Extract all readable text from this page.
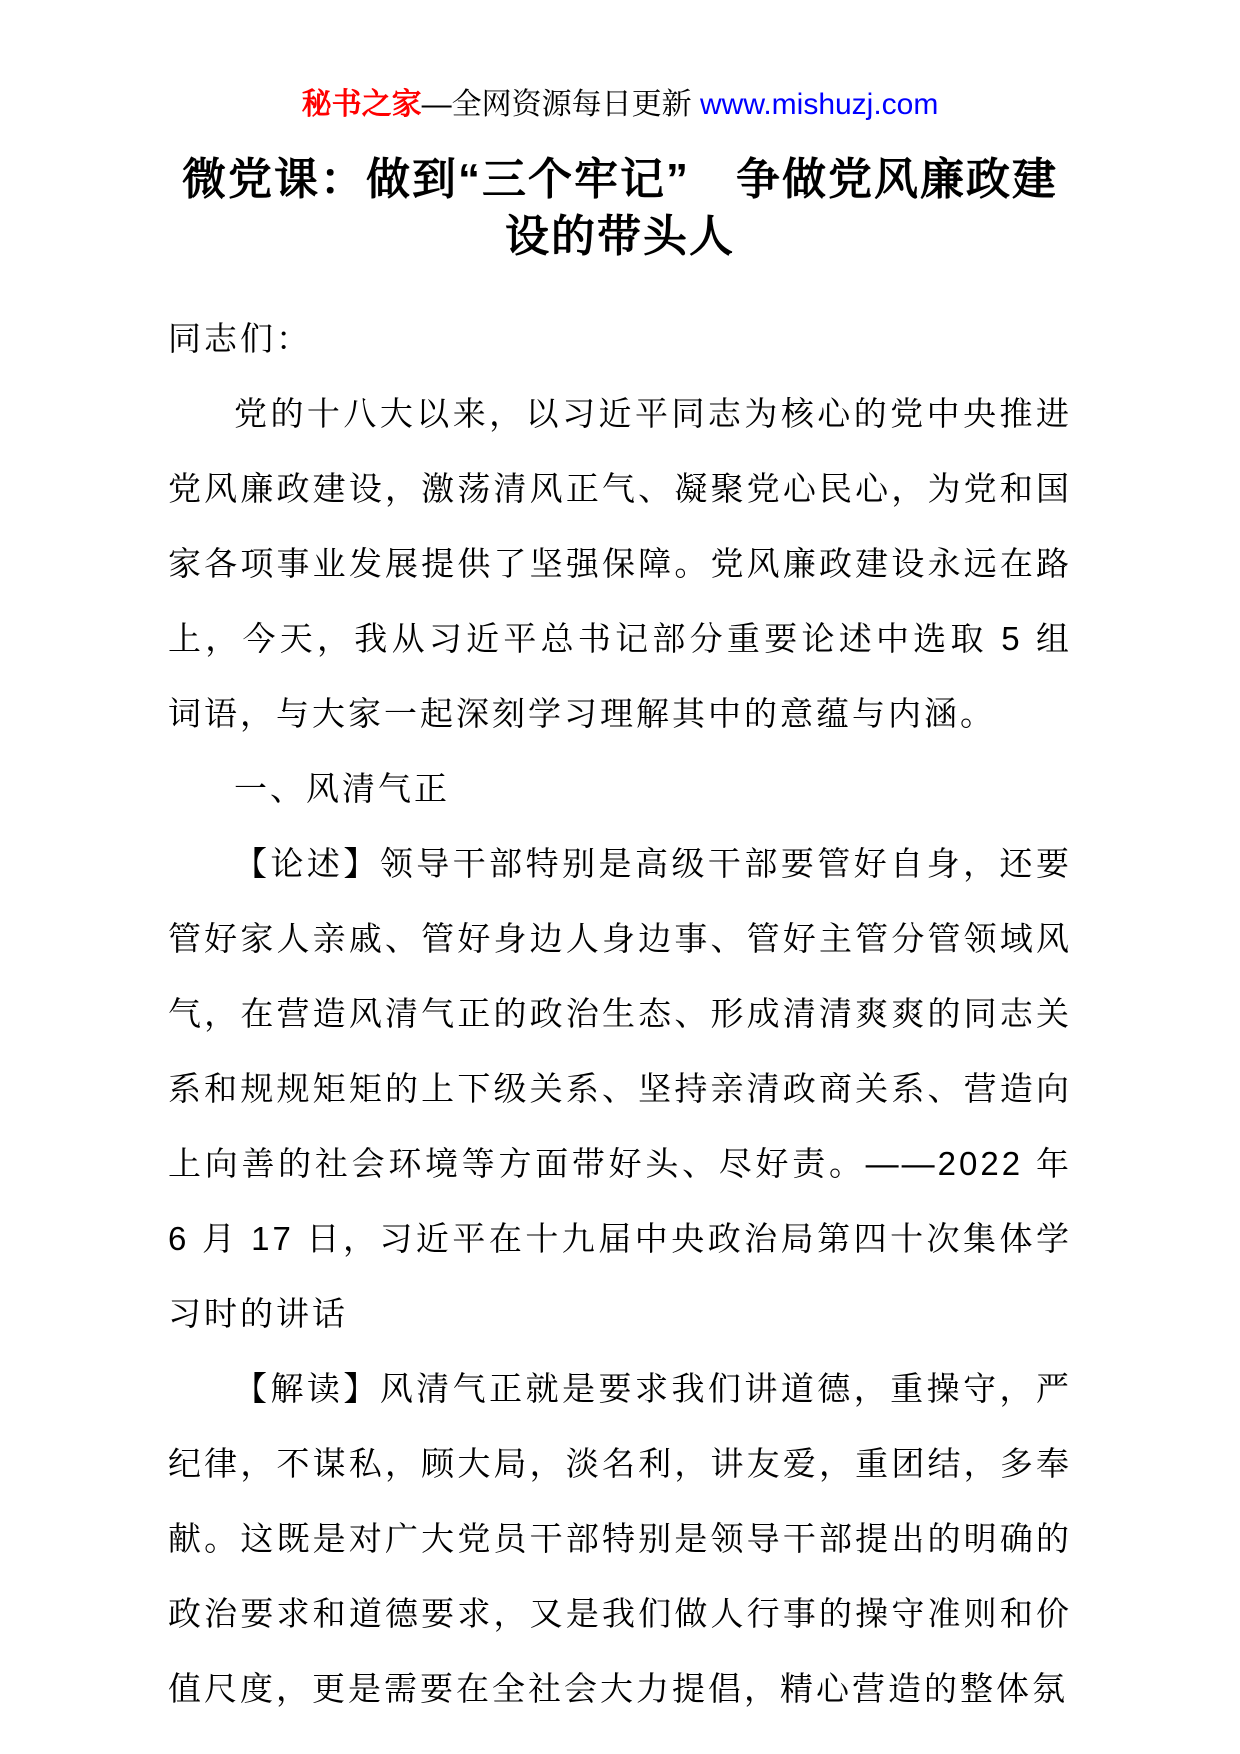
秘书之家—全网资源每日更新 www.mishuzj.com
微党课：做到“三个牢记”　争做党风廉政建设的带头人

同志们：

党的十八大以来，以习近平同志为核心的党中央推进党风廉政建设，激荡清风正气、凝聚党心民心，为党和国家各项事业发展提供了坚强保障。党风廉政建设永远在路上，今天，我从习近平总书记部分重要论述中选取 5 组词语，与大家一起深刻学习理解其中的意蕴与内涵。

一、风清气正

【论述】领导干部特别是高级干部要管好自身，还要管好家人亲戚、管好身边人身边事、管好主管分管领域风气，在营造风清气正的政治生态、形成清清爽爽的同志关系和规规矩矩的上下级关系、坚持亲清政商关系、营造向上向善的社会环境等方面带好头、尽好责。——2022 年 6 月 17 日，习近平在十九届中央政治局第四十次集体学习时的讲话

【解读】风清气正就是要求我们讲道德，重操守，严纪律，不谋私，顾大局，淡名利，讲友爱，重团结，多奉献。这既是对广大党员干部特别是领导干部提出的明确的政治要求和道德要求，又是我们做人行事的操守准则和价值尺度，更是需要在全社会大力提倡，精心营造的整体氛
